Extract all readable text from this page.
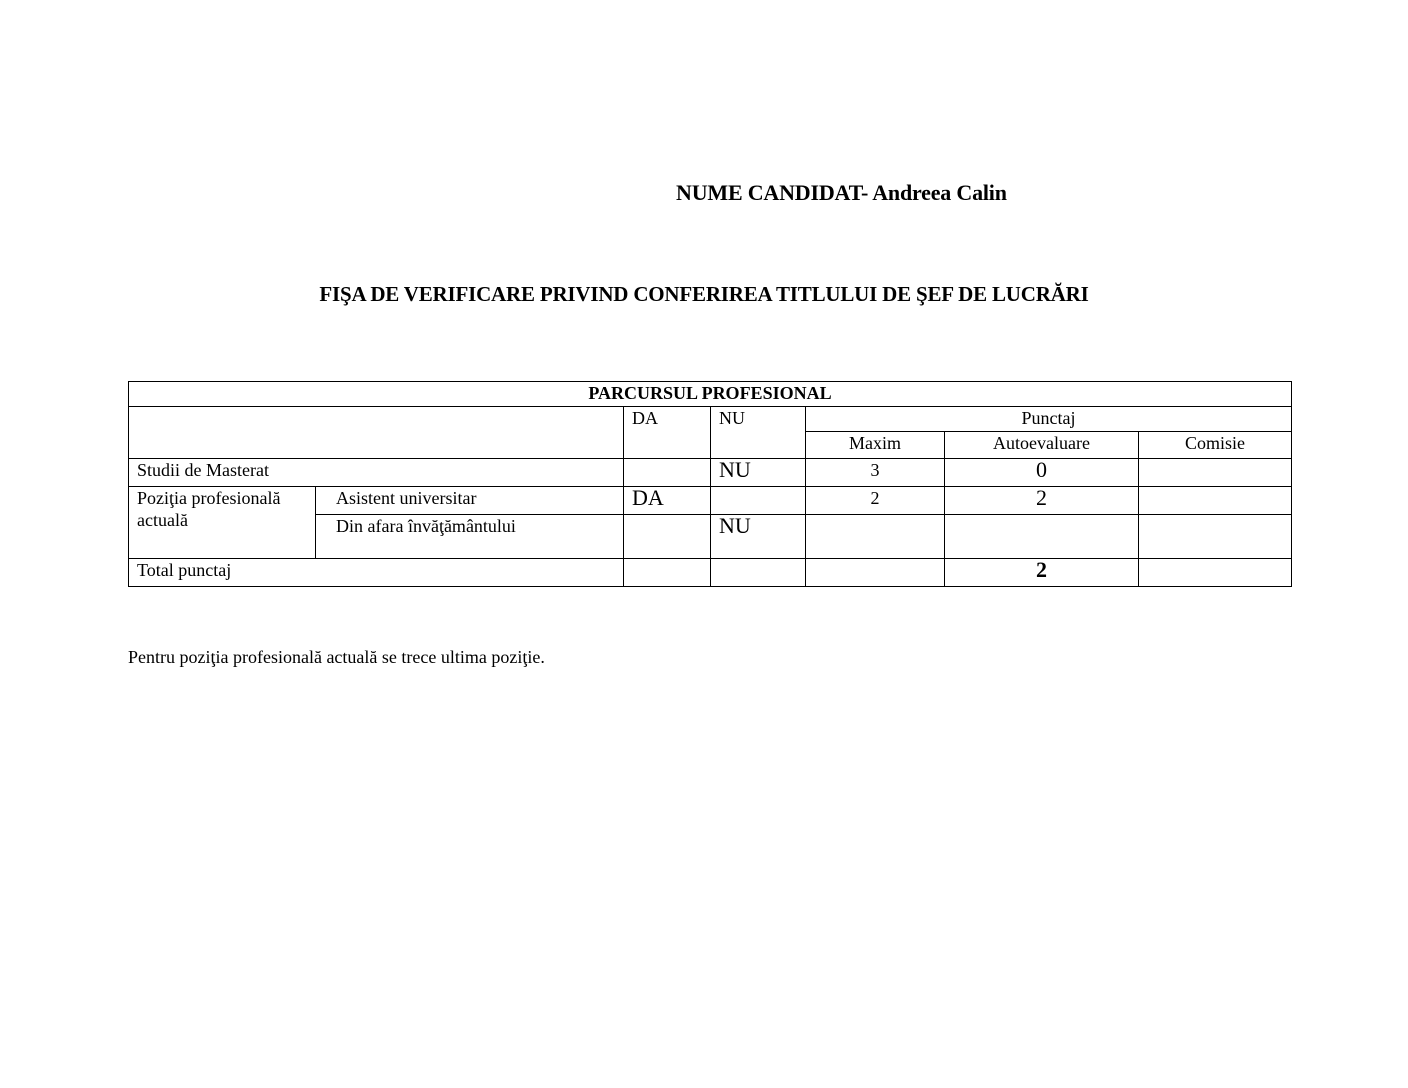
NUME CANDIDAT- Andreea Calin
FIŞA DE VERIFICARE PRIVIND CONFERIREA TITLULUI DE ŞEF DE LUCRĂRI
PARCURSUL PROFESIONAL						
		DA	NU	Punctaj		
				Maxim	Autoevaluare	Comisie
Studii de Masterat			NU	3	0	
Poziţia profesională actuală	Asistent universitar	DA		2	2	
	Din afara învăţământului		NU			
Total punctaj					2	
Pentru poziţia profesională actuală se trece ultima poziţie.
